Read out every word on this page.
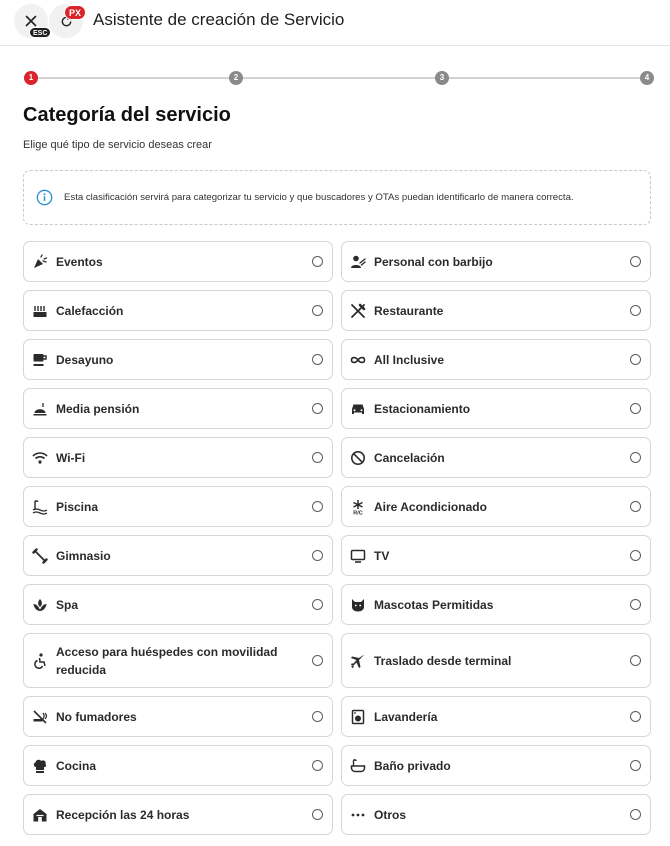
ESC
PX Asistente de creación de Servicio
1	2	3	4
Categoría del servicio

Elige qué tipo de servicio deseas crear

Esta clasificación servirá para categorizar tu servicio y que buscadores y OTAs puedan identificarlo de manera correcta.
Eventos	Personal con barbijo
Calefacción	Restaurante
Desayuno	All Inclusive
Media pensión	Estacionamiento
Wi-Fi	Cancelación
Piscina	R/C Aire Acondicionado
Gimnasio	TV
Spa	Mascotas Permitidas
Acceso para huéspedes con movilidad reducida
Traslado desde terminal
No fumadores	Lavandería
Cocina	Baño privado
Recepción las 24 horas	Otros
